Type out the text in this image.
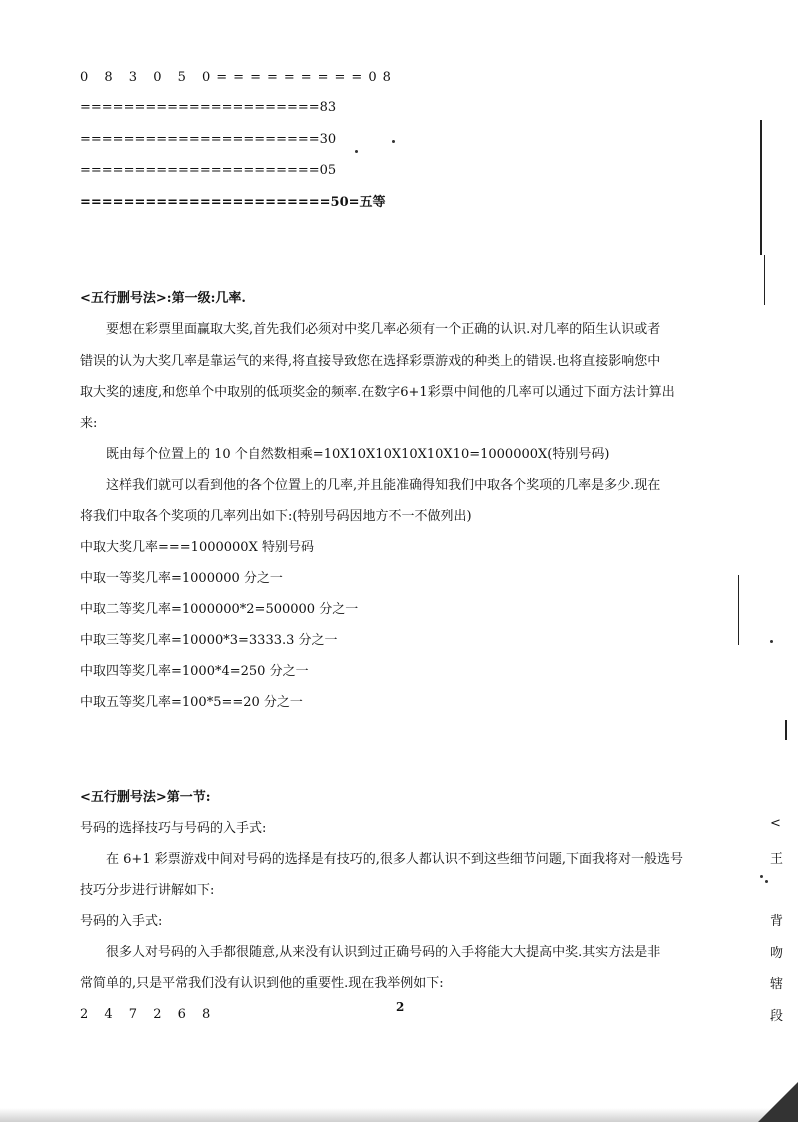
0 8 3 0 5 0=========08
======================83
======================30
======================05
=======================50=五等
<五行删号法>:第一级:几率.
要想在彩票里面赢取大奖,首先我们必须对中奖几率必须有一个正确的认识.对几率的陌生认识或者
错误的认为大奖几率是靠运气的来得,将直接导致您在选择彩票游戏的种类上的错误.也将直接影响您中
取大奖的速度,和您单个中取别的低项奖金的频率.在数字6+1彩票中间他的几率可以通过下面方法计算出
来:
既由每个位置上的 10 个自然数相乘=10X10X10X10X10X10=1000000X(特别号码)
这样我们就可以看到他的各个位置上的几率,并且能准确得知我们中取各个奖项的几率是多少.现在
将我们中取各个奖项的几率列出如下:(特别号码因地方不一不做列出)
中取大奖几率===1000000X 特别号码
中取一等奖几率=1000000 分之一
中取二等奖几率=1000000*2=500000 分之一
中取三等奖几率=10000*3=3333.3 分之一
中取四等奖几率=1000*4=250 分之一
中取五等奖几率=100*5==20 分之一
<五行删号法>第一节:
号码的选择技巧与号码的入手式:
在 6+1 彩票游戏中间对号码的选择是有技巧的,很多人都认识不到这些细节问题,下面我将对一般选号
技巧分步进行讲解如下:
号码的入手式:
很多人对号码的入手都很随意,从来没有认识到过正确号码的入手将能大大提高中奖.其实方法是非
常简单的,只是平常我们没有认识到他的重要性.现在我举例如下:
2 4 7 2 6 8	2
<
王
背
吻
辖
段
